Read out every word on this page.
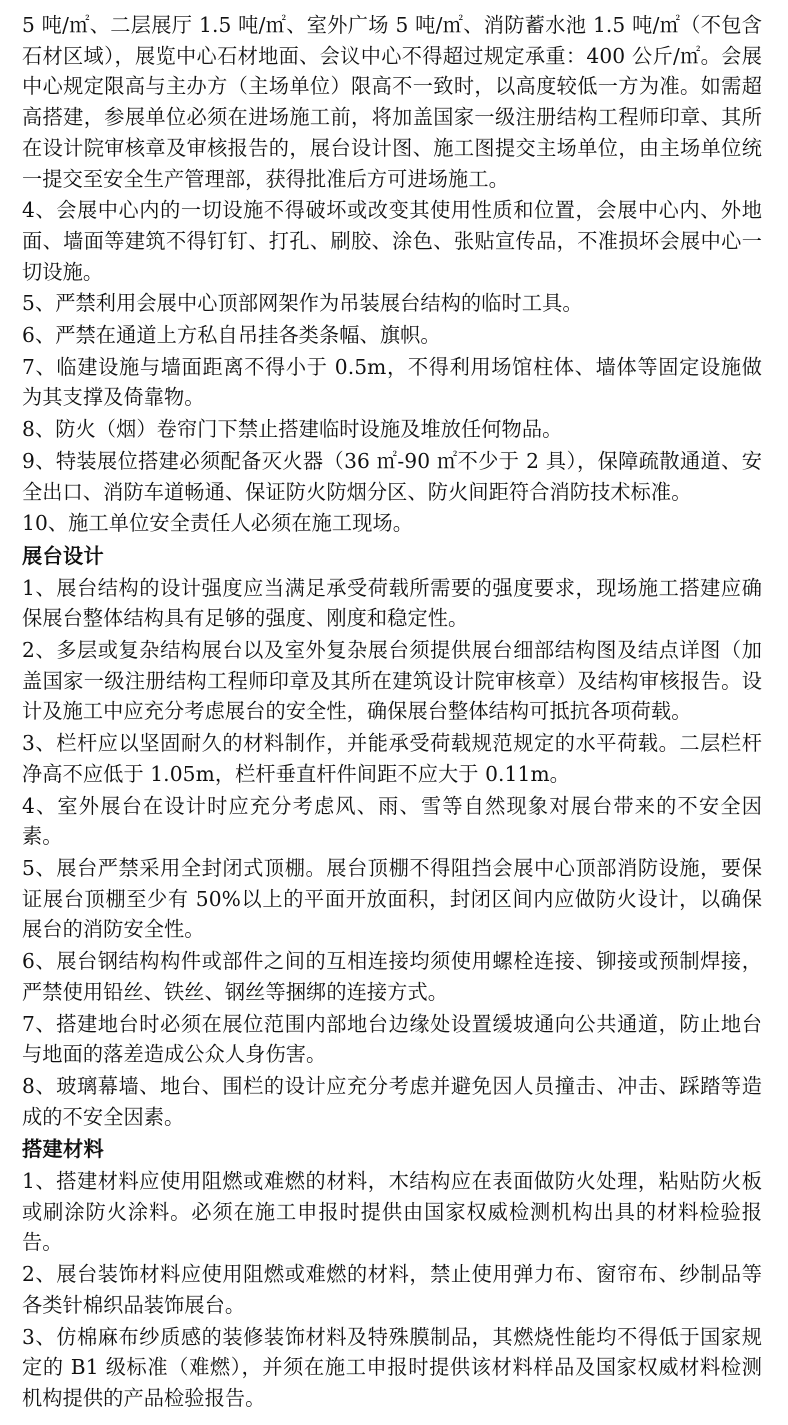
5 吨/㎡、二层展厅 1.5 吨/㎡、室外广场 5 吨/㎡、消防蓄水池 1.5 吨/㎡（不包含石材区域），展览中心石材地面、会议中心不得超过规定承重：400 公斤/㎡。会展中心规定限高与主办方（主场单位）限高不一致时，以高度较低一方为准。如需超高搭建，参展单位必须在进场施工前，将加盖国家一级注册结构工程师印章、其所在设计院审核章及审核报告的，展台设计图、施工图提交主场单位，由主场单位统一提交至安全生产管理部，获得批准后方可进场施工。

4、会展中心内的一切设施不得破坏或改变其使用性质和位置，会展中心内、外地面、墙面等建筑不得钉钉、打孔、刷胶、涂色、张贴宣传品，不准损坏会展中心一切设施。

5、严禁利用会展中心顶部网架作为吊装展台结构的临时工具。

6、严禁在通道上方私自吊挂各类条幅、旗帜。

7、临建设施与墙面距离不得小于 0.5m，不得利用场馆柱体、墙体等固定设施做为其支撑及倚靠物。

8、防火（烟）卷帘门下禁止搭建临时设施及堆放任何物品。

9、特装展位搭建必须配备灭火器（36 ㎡-90 ㎡不少于 2 具），保障疏散通道、安全出口、消防车道畅通、保证防火防烟分区、防火间距符合消防技术标准。

10、施工单位安全责任人必须在施工现场。

展台设计

1、展台结构的设计强度应当满足承受荷载所需要的强度要求，现场施工搭建应确保展台整体结构具有足够的强度、刚度和稳定性。

2、多层或复杂结构展台以及室外复杂展台须提供展台细部结构图及结点详图（加盖国家一级注册结构工程师印章及其所在建筑设计院审核章）及结构审核报告。设计及施工中应充分考虑展台的安全性，确保展台整体结构可抵抗各项荷载。

3、栏杆应以坚固耐久的材料制作，并能承受荷载规范规定的水平荷载。二层栏杆净高不应低于 1.05m，栏杆垂直杆件间距不应大于 0.11m。

4、室外展台在设计时应充分考虑风、雨、雪等自然现象对展台带来的不安全因素。

5、展台严禁采用全封闭式顶棚。展台顶棚不得阻挡会展中心顶部消防设施，要保证展台顶棚至少有 50%以上的平面开放面积，封闭区间内应做防火设计，以确保展台的消防安全性。

6、展台钢结构构件或部件之间的互相连接均须使用螺栓连接、铆接或预制焊接，严禁使用铅丝、铁丝、钢丝等捆绑的连接方式。

7、搭建地台时必须在展位范围内部地台边缘处设置缓坡通向公共通道，防止地台与地面的落差造成公众人身伤害。

8、玻璃幕墙、地台、围栏的设计应充分考虑并避免因人员撞击、冲击、踩踏等造成的不安全因素。

搭建材料

1、搭建材料应使用阻燃或难燃的材料，木结构应在表面做防火处理，粘贴防火板或刷涂防火涂料。必须在施工申报时提供由国家权威检测机构出具的材料检验报告。

2、展台装饰材料应使用阻燃或难燃的材料，禁止使用弹力布、窗帘布、纱制品等各类针棉织品装饰展台。

3、仿棉麻布纱质感的装修装饰材料及特殊膜制品，其燃烧性能均不得低于国家规定的 B1 级标准（难燃），并须在施工申报时提供该材料样品及国家权威材料检测机构提供的产品检验报告。
